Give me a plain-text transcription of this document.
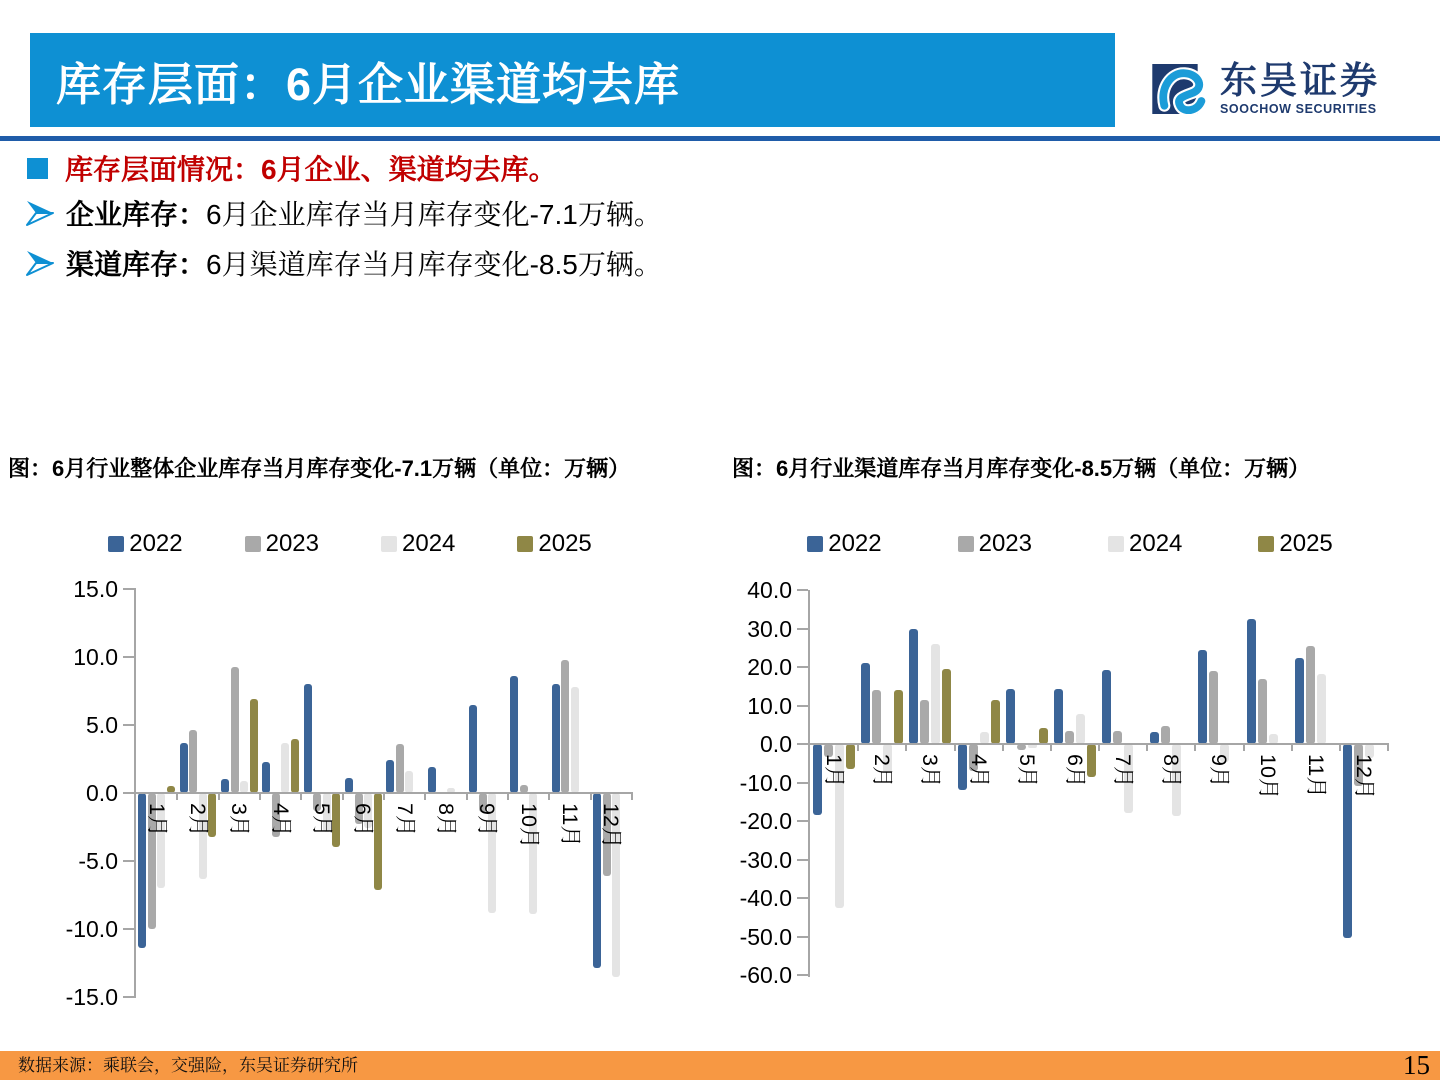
库存层面：6月企业渠道均去库	东吴证券
SOOCHOW SECURITIES
库存层面情况：6月企业、渠道均去库。
企业库存：6月企业库存当月库存变化-7.1万辆。
渠道库存：6月渠道库存当月库存变化-8.5万辆。
图：6月行业整体企业库存当月库存变化-7.1万辆（单位：万辆）
2022	2023	2024	2025
15.0
10.0
5.0
0.0
-5.0
-10.0
-15.0
1月 2月 3月 4月 5月 6月 7月 8月 9月 10月 11月 12月
图：6月行业渠道库存当月库存变化-8.5万辆（单位：万辆）
2022	2023	2024	2025
40.0
30.0
20.0
10.0
0.0
-10.0
-20.0
-30.0
-40.0
-50.0
-60.0
1月 2月 3月 4月 5月 6月 7月 8月 9月 10月 11月 12月
数据来源：乘联会，交强险，东吴证券研究所	15
